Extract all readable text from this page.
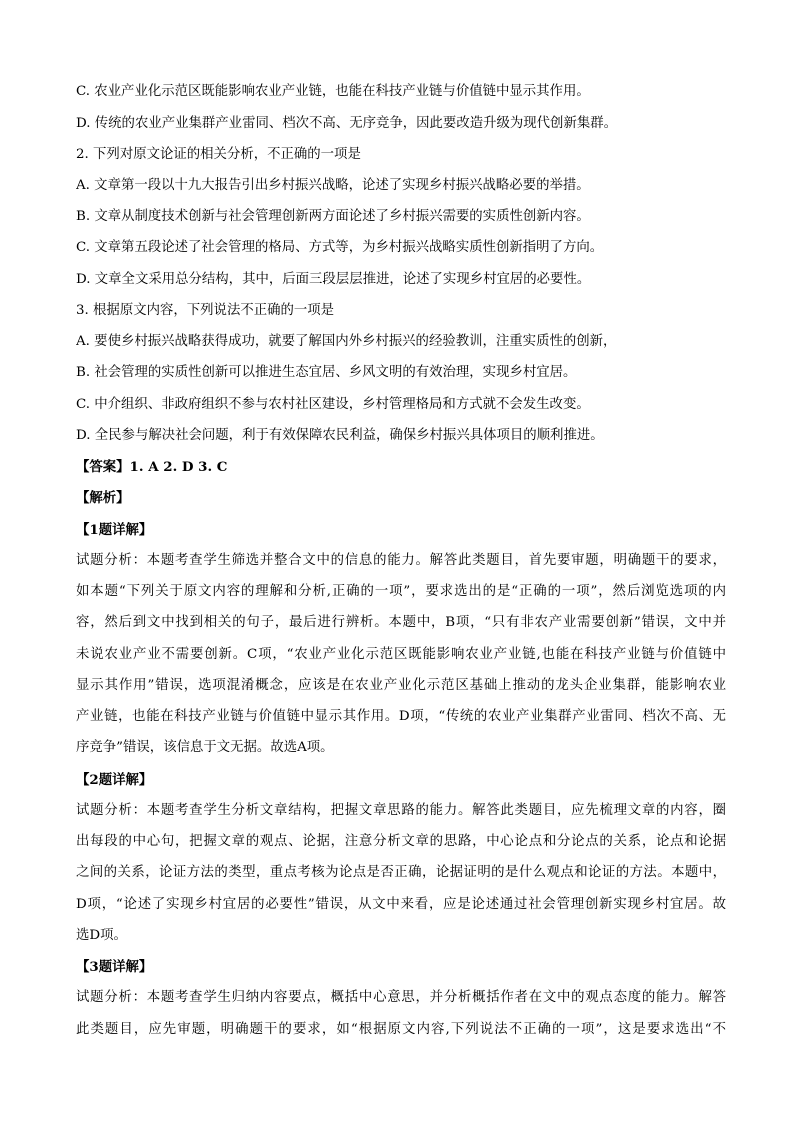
C. 农业产业化示范区既能影响农业产业链，也能在科技产业链与价值链中显示其作用。
D. 传统的农业产业集群产业雷同、档次不高、无序竞争，因此要改造升级为现代创新集群。
2. 下列对原文论证的相关分析，不正确的一项是
A. 文章第一段以十九大报告引出乡村振兴战略，论述了实现乡村振兴战略必要的举措。
B. 文章从制度技术创新与社会管理创新两方面论述了乡村振兴需要的实质性创新内容。
C. 文章第五段论述了社会管理的格局、方式等，为乡村振兴战略实质性创新指明了方向。
D. 文章全文采用总分结构，其中，后面三段层层推进，论述了实现乡村宜居的必要性。
3. 根据原文内容，下列说法不正确的一项是
A. 要使乡村振兴战略获得成功，就要了解国内外乡村振兴的经验教训，注重实质性的创新，
B. 社会管理的实质性创新可以推进生态宜居、乡风文明的有效治理，实现乡村宜居。
C. 中介组织、非政府组织不参与农村社区建设，乡村管理格局和方式就不会发生改变。
D. 全民参与解决社会问题，利于有效保障农民利益，确保乡村振兴具体项目的顺利推进。
【答案】1. A 2. D 3. C
【解析】
【1题详解】
试题分析：本题考查学生筛选并整合文中的信息的能力。解答此类题目，首先要审题，明确题干的要求，
如本题“下列关于原文内容的理解和分析,正确的一项”，要求选出的是“正确的一项”，然后浏览选项的内
容，然后到文中找到相关的句子，最后进行辨析。本题中，B项，“只有非农产业需要创新”错误，文中并
未说农业产业不需要创新。C项，“农业产业化示范区既能影响农业产业链,也能在科技产业链与价值链中
显示其作用”错误，选项混淆概念，应该是在农业产业化示范区基础上推动的龙头企业集群，能影响农业
产业链，也能在科技产业链与价值链中显示其作用。D项，“传统的农业产业集群产业雷同、档次不高、无
序竞争”错误，该信息于文无据。故选A项。
【2题详解】
试题分析：本题考查学生分析文章结构，把握文章思路的能力。解答此类题目，应先梳理文章的内容，圈
出每段的中心句，把握文章的观点、论据，注意分析文章的思路，中心论点和分论点的关系，论点和论据
之间的关系，论证方法的类型，重点考核为论点是否正确，论据证明的是什么观点和论证的方法。本题中，
D项，“论述了实现乡村宜居的必要性”错误，从文中来看，应是论述通过社会管理创新实现乡村宜居。故
选D项。
【3题详解】
试题分析：本题考查学生归纳内容要点，概括中心意思，并分析概括作者在文中的观点态度的能力。解答
此类题目，应先审题，明确题干的要求，如“根据原文内容,下列说法不正确的一项”，这是要求选出“不
